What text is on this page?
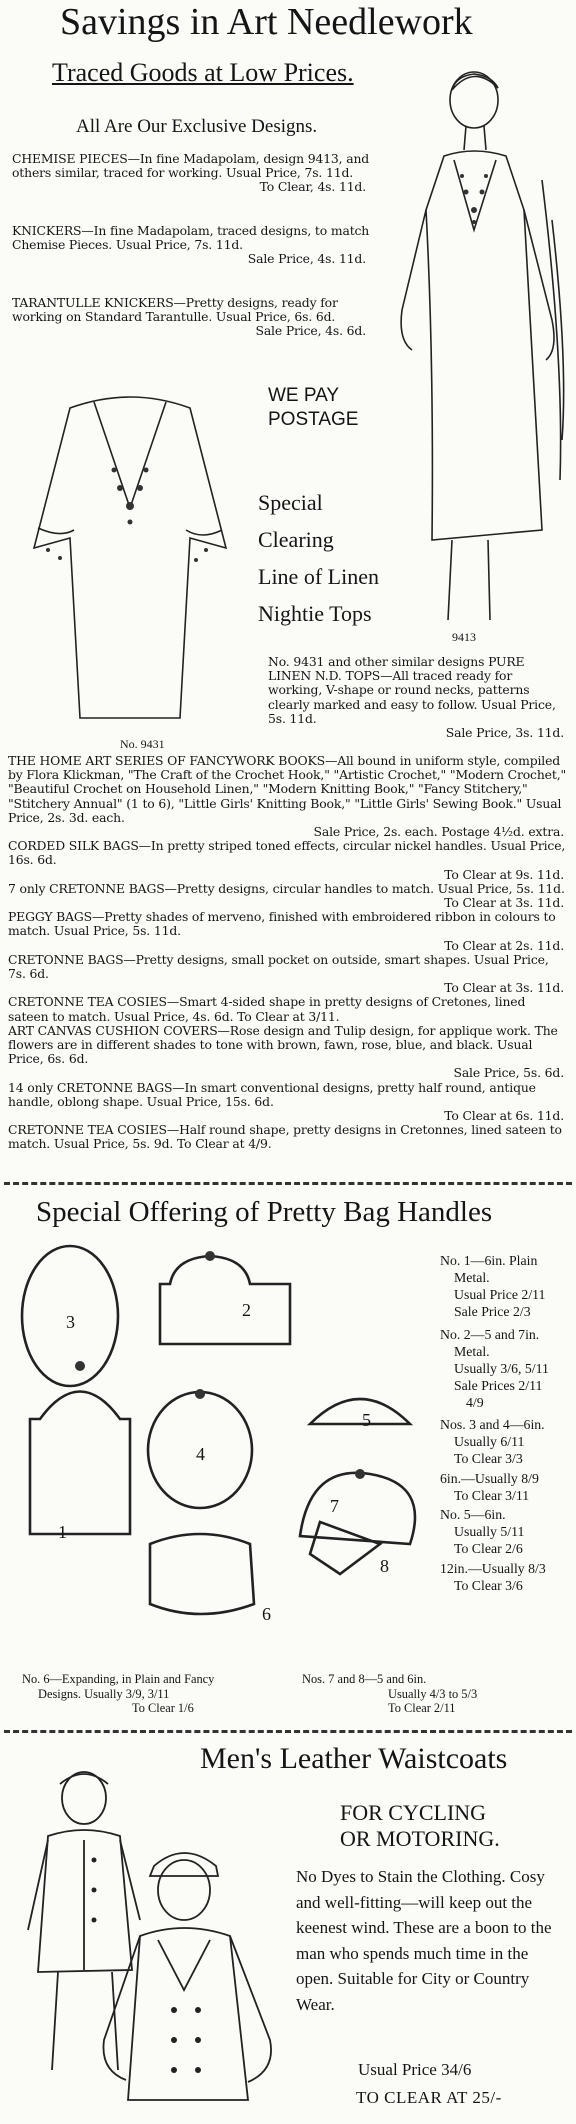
Savings in Art Needlework
Traced Goods at Low Prices.
All Are Our Exclusive Designs.
CHEMISE PIECES—In fine Madapolam, design 9413, and others similar, traced for working. Usual Price, 7s. 11d.
To Clear, 4s. 11d.
KNICKERS—In fine Madapolam, traced designs, to match Chemise Pieces. Usual Price, 7s. 11d.
Sale Price, 4s. 11d.
TARANTULLE KNICKERS—Pretty designs, ready for working on Standard Tarantulle. Usual Price, 6s. 6d.
Sale Price, 4s. 6d.
9413
WE PAY POSTAGE
Special
Clearing
Line of Linen
Nightie Tops
No. 9431 and other similar designs PURE LINEN N.D. TOPS—All traced ready for working, V-shape or round necks, patterns clearly marked and easy to follow. Usual Price, 5s. 11d.
Sale Price, 3s. 11d.
No. 9431
THE HOME ART SERIES OF FANCYWORK BOOKS—All bound in uniform style, compiled by Flora Klickman, "The Craft of the Crochet Hook," "Artistic Crochet," "Modern Crochet," "Beautiful Crochet on Household Linen," "Modern Knitting Book," "Fancy Stitchery," "Stitchery Annual" (1 to 6), "Little Girls' Knitting Book," "Little Girls' Sewing Book." Usual Price, 2s. 3d. each.
Sale Price, 2s. each. Postage 4½d. extra.
CORDED SILK BAGS—In pretty striped toned effects, circular nickel handles. Usual Price, 16s. 6d.
To Clear at 9s. 11d.
7 only CRETONNE BAGS—Pretty designs, circular handles to match. Usual Price, 5s. 11d.
To Clear at 3s. 11d.
PEGGY BAGS—Pretty shades of merveno, finished with embroidered ribbon in colours to match. Usual Price, 5s. 11d.
To Clear at 2s. 11d.
CRETONNE BAGS—Pretty designs, small pocket on outside, smart shapes. Usual Price, 7s. 6d.
To Clear at 3s. 11d.
CRETONNE TEA COSIES—Smart 4-sided shape in pretty designs of Cretones, lined sateen to match. Usual Price, 4s. 6d. To Clear at 3/11.
ART CANVAS CUSHION COVERS—Rose design and Tulip design, for applique work. The flowers are in different shades to tone with brown, fawn, rose, blue, and black. Usual Price, 6s. 6d.
Sale Price, 5s. 6d.
14 only CRETONNE BAGS—In smart conventional designs, pretty half round, antique handle, oblong shape. Usual Price, 15s. 6d.
To Clear at 6s. 11d.
CRETONNE TEA COSIES—Half round shape, pretty designs in Cretonnes, lined sateen to match. Usual Price, 5s. 9d. To Clear at 4/9.
Special Offering of Pretty Bag Handles
3
2
4
5
1
7
8
6
No. 1—6in. Plain
Metal.
Usual Price 2/11
Sale Price 2/3
No. 2—5 and 7in.
Metal.
Usually 3/6, 5/11
Sale Prices 2/11
4/9
Nos. 3 and 4—6in.
Usually 6/11
To Clear 3/3
6in.—Usually 8/9
To Clear 3/11
No. 5—6in.
Usually 5/11
To Clear 2/6
12in.—Usually 8/3
To Clear 3/6
No. 6—Expanding, in Plain and Fancy
Designs. Usually 3/9, 3/11
To Clear 1/6
Nos. 7 and 8—5 and 6in.
Usually 4/3 to 5/3
To Clear 2/11
Men's Leather Waistcoats
FOR CYCLING
OR MOTORING.
No Dyes to Stain the Clothing. Cosy and well-fitting—will keep out the keenest wind. These are a boon to the man who spends much time in the open. Suitable for City or Country Wear.
Usual Price 34/6
TO CLEAR AT 25/-
